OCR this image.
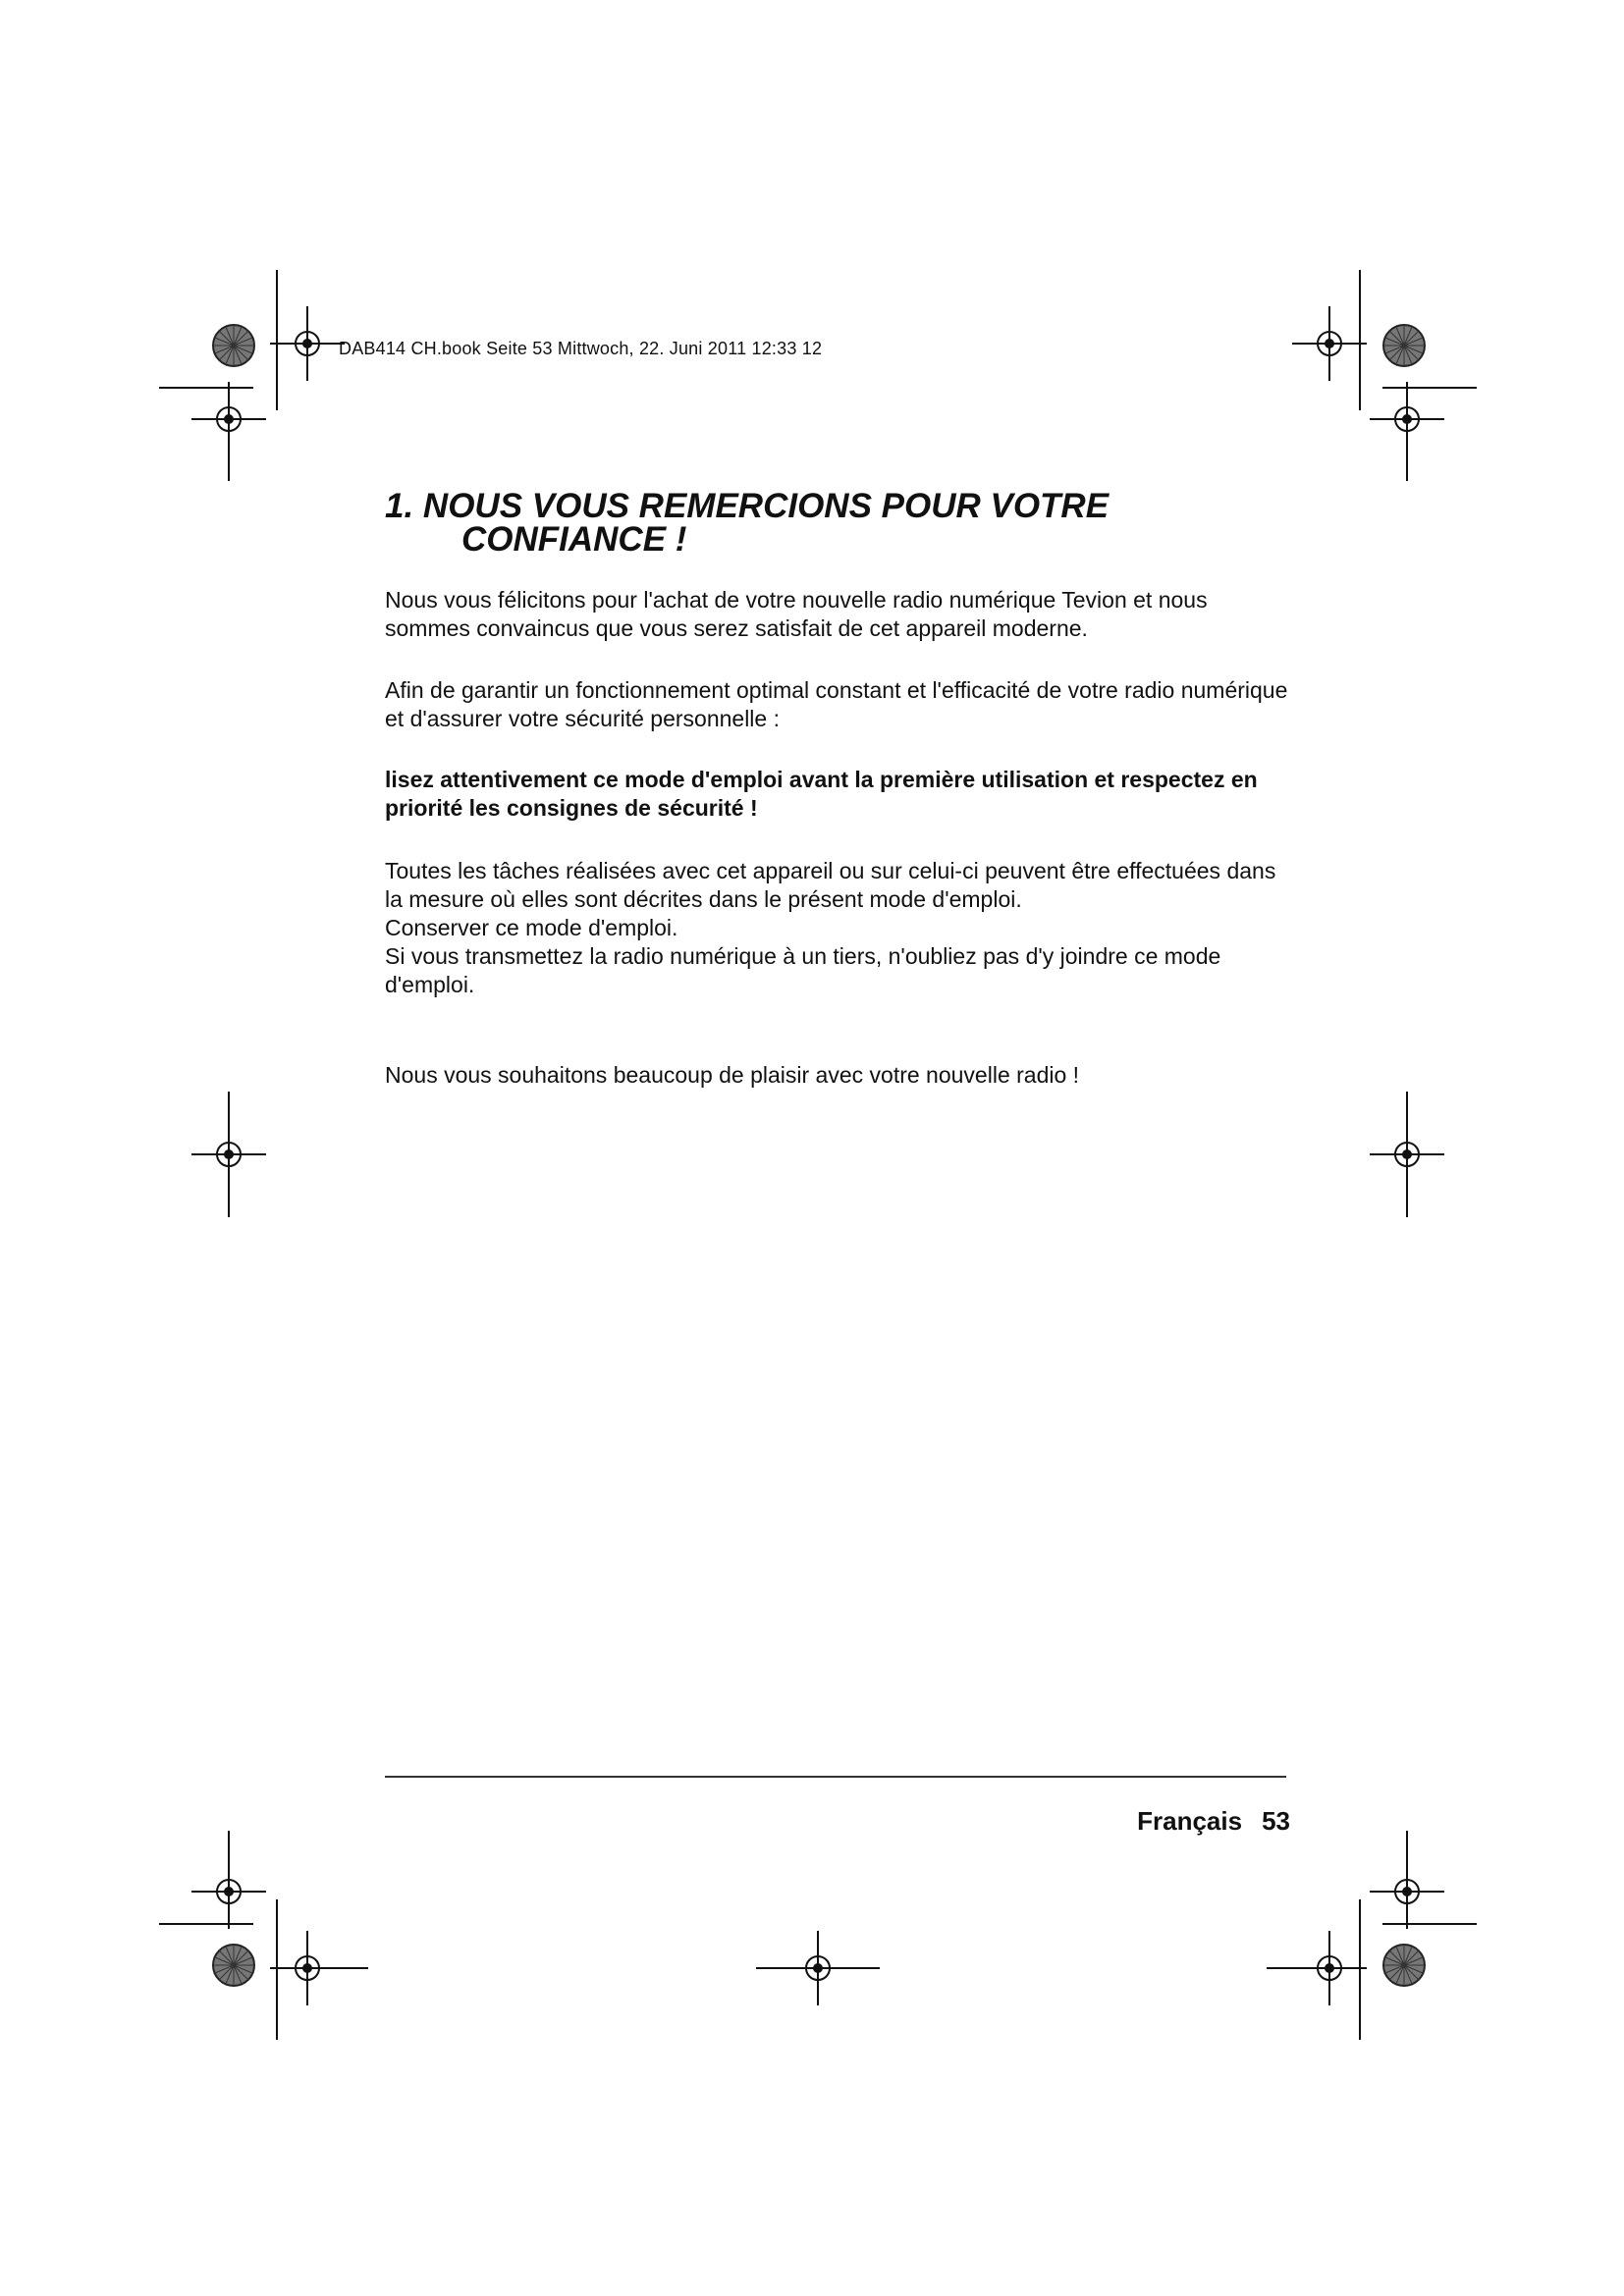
DAB414 CH.book Seite 53 Mittwoch, 22. Juni 2011 12:33 12
1. NOUS VOUS REMERCIONS POUR VOTRE
CONFIANCE !

Nous vous félicitons pour l'achat de votre nouvelle radio numérique Tevion et nous sommes convaincus que vous serez satisfait de cet appareil moderne.

Afin de garantir un fonctionnement optimal constant et l'efficacité de votre radio numérique et d'assurer votre sécurité personnelle :

lisez attentivement ce mode d'emploi avant la première utilisation et respectez en priorité les consignes de sécurité !

Toutes les tâches réalisées avec cet appareil ou sur celui-ci peuvent être effectuées dans la mesure où elles sont décrites dans le présent mode d'emploi.

Conserver ce mode d'emploi.

Si vous transmettez la radio numérique à un tiers, n'oubliez pas d'y joindre ce mode d'emploi.

Nous vous souhaitons beaucoup de plaisir avec votre nouvelle radio !

Français 53
